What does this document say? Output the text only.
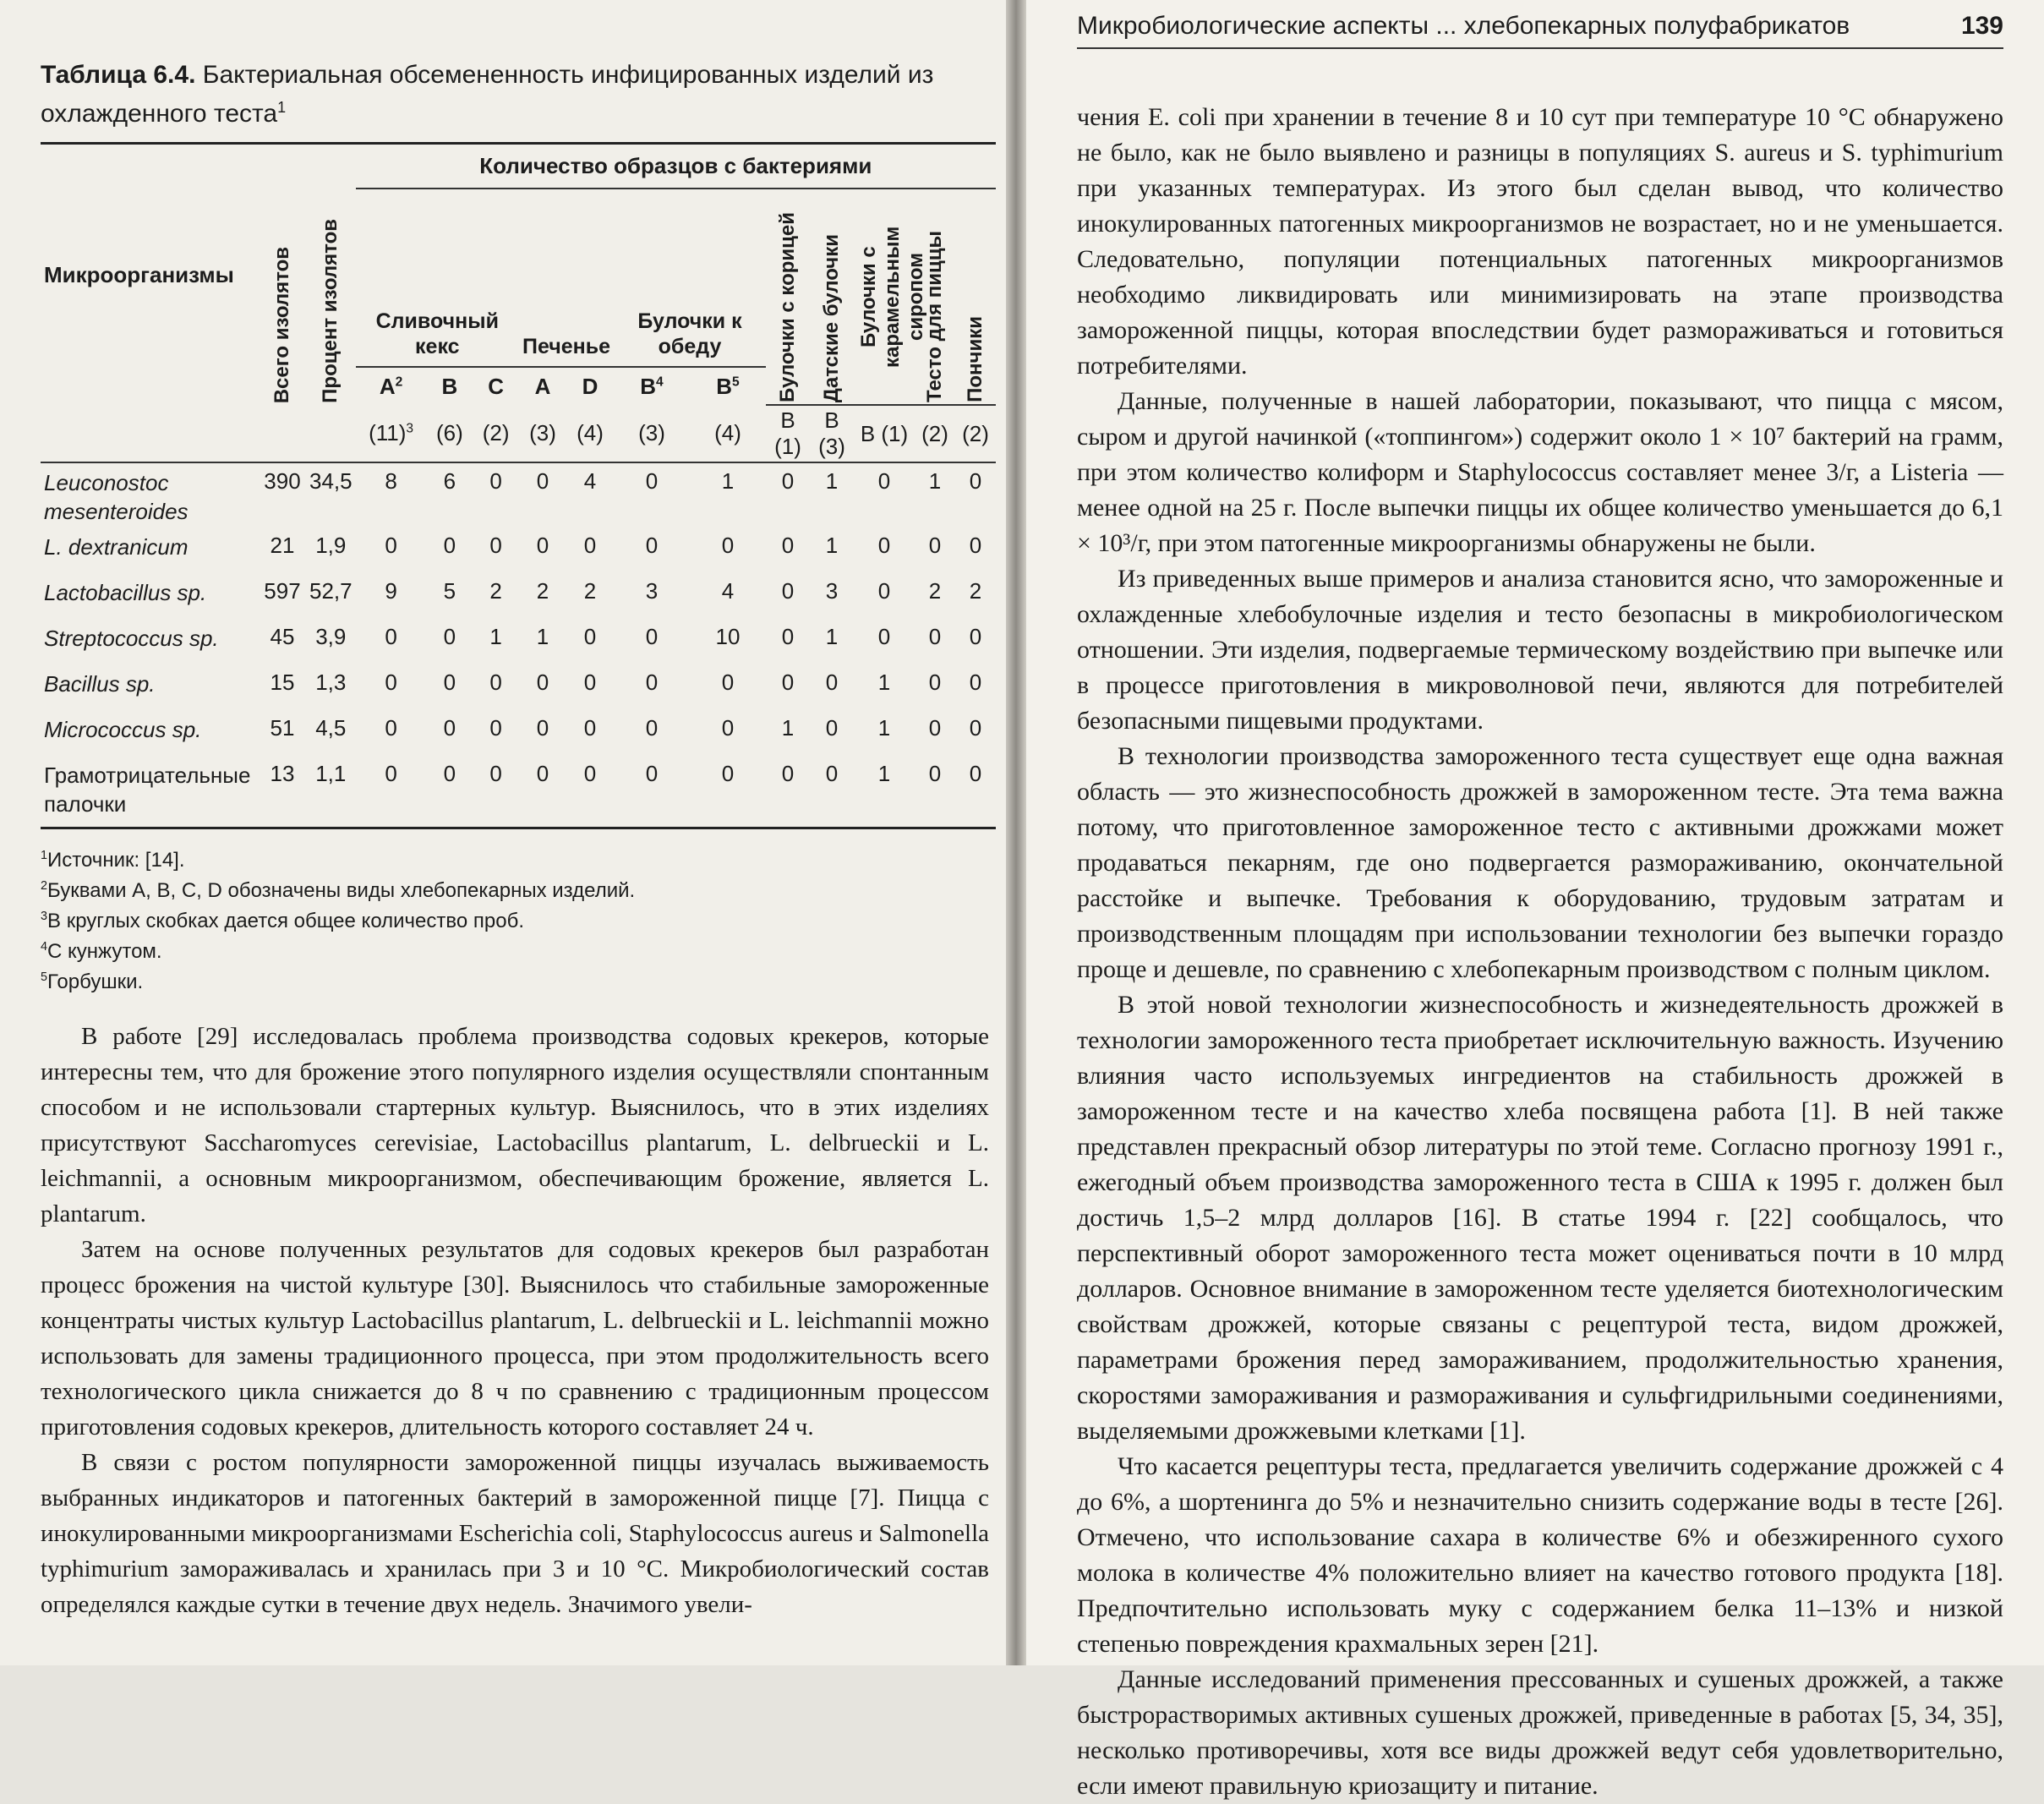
Таблица 6.4. Бактериальная обсемененность инфицированных изделий из охлажденного теста$^1$
Микроорганизмы	Всего изолятов	Процент изолятов	Количество образцов с бактериями											
			Сливочный кекс			Печенье		Булочки к обеду		Булочки с корицей	Датские булочки	Булочки с карамельным сиропом	Тесто для пиццы	Пончики

			$A^2$	B	C	A	D	$B^4$	$B^5$
			$(11)^3$	(6)	(2)	(3)	(4)	(3)	(4)	B (1)	B (3)	B (1)	(2)	(2)
Leuconostoc mesenteroides	390	34,5	8	6	0	0	4	0	1	0	1	0	1	0
L. dextranicum	21	1,9	0	0	0	0	0	0	0	0	1	0	0	0
Lactobacillus sp.	597	52,7	9	5	2	2	2	3	4	0	3	0	2	2
Streptococcus sp.	45	3,9	0	0	1	1	0	0	10	0	1	0	0	0
Bacillus sp.	15	1,3	0	0	0	0	0	0	0	0	0	1	0	0
Micrococcus sp.	51	4,5	0	0	0	0	0	0	0	1	0	1	0	0
Грамотрицательные палочки	13	1,1	0	0	0	0	0	0	0	0	0	1	0	0
$^1$Источник: [14].
$^2$Буквами A, B, C, D обозначены виды хлебопекарных изделий.
$^3$В круглых скобках дается общее количество проб.
$^4$С кунжутом.
$^5$Горбушки.

В работе [29] исследовалась проблема производства содовых крекеров, которые интересны тем, что для брожение этого популярного изделия осуществляли спонтанным способом и не использовали стартерных культур. Выяснилось, что в этих изделиях присутствуют Saccharomyces cerevisiae, Lactobacillus plantarum, L. delbrueckii и L. leichmannii, а основным микроорганизмом, обеспечивающим брожение, является L. plantarum.

Затем на основе полученных результатов для содовых крекеров был разработан процесс брожения на чистой культуре [30]. Выяснилось что стабильные замороженные концентраты чистых культур Lactobacillus plantarum, L. delbrueckii и L. leichmannii можно использовать для замены традиционного процесса, при этом продолжительность всего технологического цикла снижается до 8 ч по сравнению с традиционным процессом приготовления содовых крекеров, длительность которого составляет 24 ч.

В связи с ростом популярности замороженной пиццы изучалась выживаемость выбранных индикаторов и патогенных бактерий в замороженной пицце [7]. Пицца с инокулированными микроорганизмами Escherichia coli, Staphylococcus aureus и Salmonella typhimurium замораживалась и хранилась при 3 и 10 °С. Микробиологический состав определялся каждые сутки в течение двух недель. Значимого увели-

Микробиологические аспекты ... хлебопекарных полуфабрикатов	139

чения E. coli при хранении в течение 8 и 10 сут при температуре 10 °С обнаружено не было, как не было выявлено и разницы в популяциях S. aureus и S. typhimurium при указанных температурах. Из этого был сделан вывод, что количество инокулированных патогенных микроорганизмов не возрастает, но и не уменьшается. Следовательно, популяции потенциальных патогенных микроорганизмов необходимо ликвидировать или минимизировать на этапе производства замороженной пиццы, которая впоследствии будет размораживаться и готовиться потребителями.

Данные, полученные в нашей лаборатории, показывают, что пицца с мясом, сыром и другой начинкой («топпингом») содержит около 1 × 10⁷ бактерий на грамм, при этом количество колиформ и Staphylococcus составляет менее 3/г, а Listeria — менее одной на 25 г. После выпечки пиццы их общее количество уменьшается до 6,1 × 10³/г, при этом патогенные микроорганизмы обнаружены не были.

Из приведенных выше примеров и анализа становится ясно, что замороженные и охлажденные хлебобулочные изделия и тесто безопасны в микробиологическом отношении. Эти изделия, подвергаемые термическому воздействию при выпечке или в процессе приготовления в микроволновой печи, являются для потребителей безопасными пищевыми продуктами.

В технологии производства замороженного теста существует еще одна важная область — это жизнеспособность дрожжей в замороженном тесте. Эта тема важна потому, что приготовленное замороженное тесто с активными дрожжами может продаваться пекарням, где оно подвергается размораживанию, окончательной расстойке и выпечке. Требования к оборудованию, трудовым затратам и производственным площадям при использовании технологии без выпечки гораздо проще и дешевле, по сравнению с хлебопекарным производством с полным циклом.

В этой новой технологии жизнеспособность и жизнедеятельность дрожжей в технологии замороженного теста приобретает исключительную важность. Изучению влияния часто используемых ингредиентов на стабильность дрожжей в замороженном тесте и на качество хлеба посвящена работа [1]. В ней также представлен прекрасный обзор литературы по этой теме. Согласно прогнозу 1991 г., ежегодный объем производства замороженного теста в США к 1995 г. должен был достичь 1,5–2 млрд долларов [16]. В статье 1994 г. [22] сообщалось, что перспективный оборот замороженного теста может оцениваться почти в 10 млрд долларов. Основное внимание в замороженном тесте уделяется биотехнологическим свойствам дрожжей, которые связаны с рецептурой теста, видом дрожжей, параметрами брожения перед замораживанием, продолжительностью хранения, скоростями замораживания и размораживания и сульфгидрильными соединениями, выделяемыми дрожжевыми клетками [1].

Что касается рецептуры теста, предлагается увеличить содержание дрожжей с 4 до 6%, а шортенинга до 5% и незначительно снизить содержание воды в тесте [26]. Отмечено, что использование сахара в количестве 6% и обезжиренного сухого молока в количестве 4% положительно влияет на качество готового продукта [18]. Предпочтительно использовать муку с содержанием белка 11–13% и низкой степенью повреждения крахмальных зерен [21].

Данные исследований применения прессованных и сушеных дрожжей, а также быстрорастворимых активных сушеных дрожжей, приведенные в работах [5, 34, 35], несколько противоречивы, хотя все виды дрожжей ведут себя удовлетворительно, если имеют правильную криозащиту и питание.
